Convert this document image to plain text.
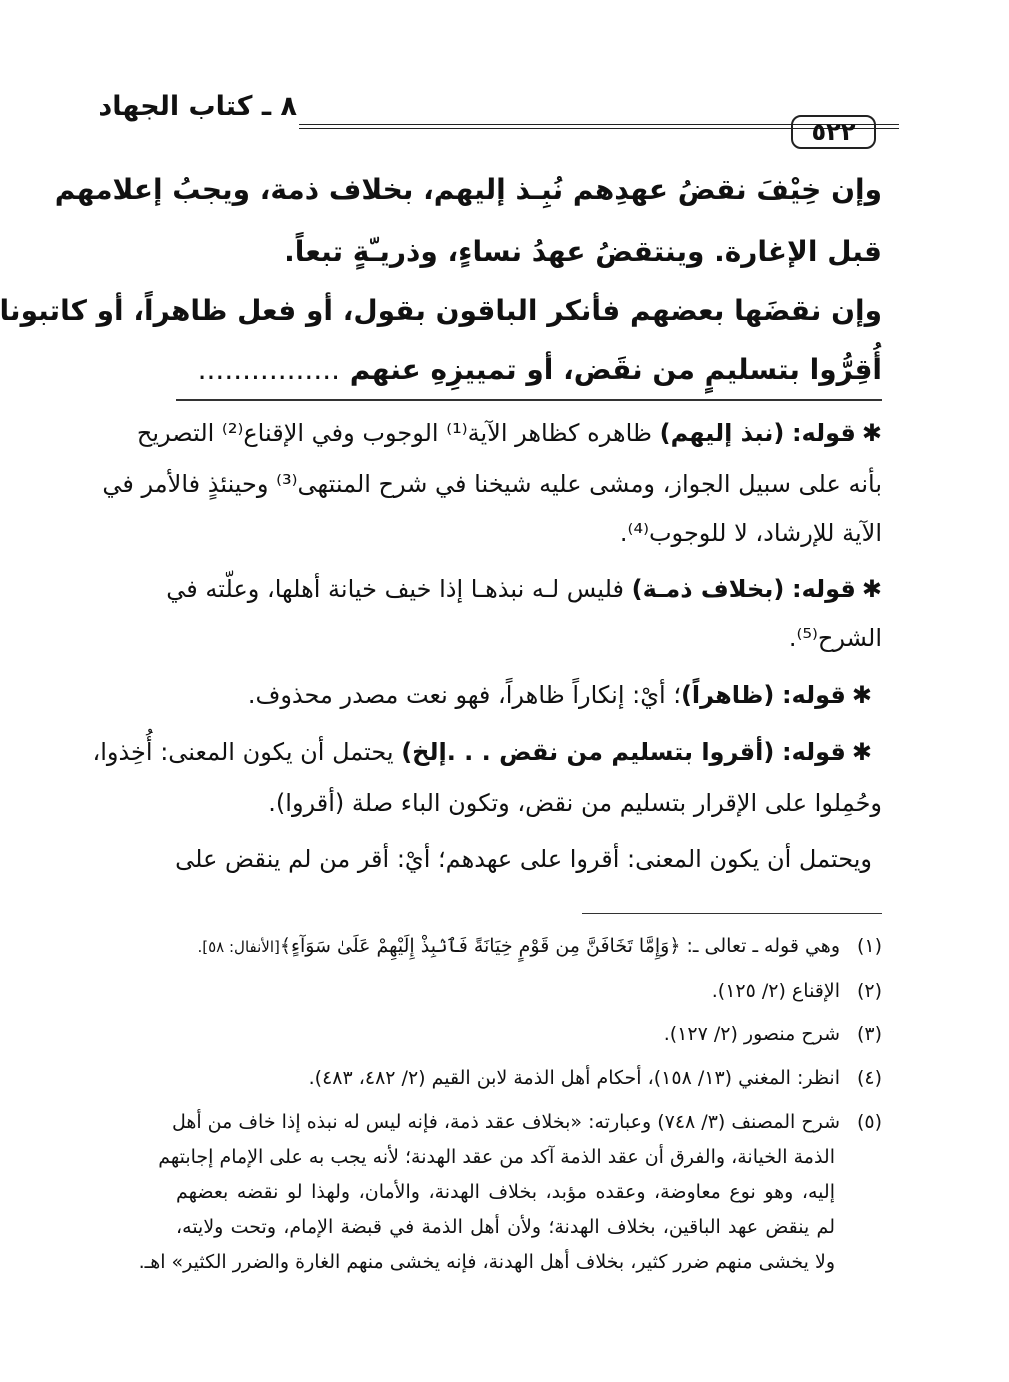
٨ ـ كتاب الجهاد
٥٢٢
وإن خِيْفَ نقضُ عهدِهم نُبِـذ إليهم، بخلاف ذمة، ويجبُ إعلامهم
قبل الإغارة. وينتقضُ عهدُ نساءٍ، وذريـّةٍ تبعاً.
وإن نقضَها بعضهم فأنكر الباقون بقول، أو فعل ظاهراً، أو كاتبونا
أُقِرُّوا بتسليمٍ من نقَض، أو تمييزِهِ عنهم ................
✱قوله: (نبذ إليهم) ظاهره كظاهر الآية⁽¹⁾ الوجوب وفي الإقناع⁽²⁾ التصريح
بأنه على سبيل الجواز، ومشى عليه شيخنا في شرح المنتهى⁽³⁾ وحينئذٍ فالأمر في
الآية للإرشاد، لا للوجوب⁽⁴⁾.
✱قوله: (بخلاف ذمـة) فليس لـه نبذهـا إذا خيف خيانة أهلها، وعلّته في
الشرح⁽⁵⁾.
✱قوله: (ظاهراً)؛ أيْ: إنكاراً ظاهراً، فهو نعت مصدر محذوف.
✱قوله: (أقروا بتسليم من نقض . . .إلخ) يحتمل أن يكون المعنى: أُخِذوا،
وحُمِلوا على الإقرار بتسليم من نقض، وتكون الباء صلة (أقروا).
ويحتمل أن يكون المعنى: أقروا على عهدهم؛ أيْ: أقر من لم ينقض على
(١)وهي قوله ـ تعالى ـ: ﴿وَإِمَّا تَخَافَنَّ مِن قَوْمٍ خِيَانَةً فَٱنۢبِذْ إِلَيْهِمْ عَلَىٰ سَوَآءٍ﴾[الأنفال: ٥٨].
(٢)الإقناع (٢/ ١٢٥).
(٣)شرح منصور (٢/ ١٢٧).
(٤)انظر: المغني (١٣/ ١٥٨)، أحكام أهل الذمة لابن القيم (٢/ ٤٨٢، ٤٨٣).
(٥)شرح المصنف (٣/ ٧٤٨) وعبارته: «بخلاف عقد ذمة، فإنه ليس له نبذه إذا خاف من أهل
الذمة الخيانة، والفرق أن عقد الذمة آكد من عقد الهدنة؛ لأنه يجب به على الإمام إجابتهم
إليه، وهو نوع معاوضة، وعقده مؤبد، بخلاف الهدنة، والأمان، ولهذا لو نقضه بعضهم
لم ينقض عهد الباقين، بخلاف الهدنة؛ ولأن أهل الذمة في قبضة الإمام، وتحت ولايته،
ولا يخشى منهم ضرر كثير، بخلاف أهل الهدنة، فإنه يخشى منهم الغارة والضرر الكثير» اهـ.
